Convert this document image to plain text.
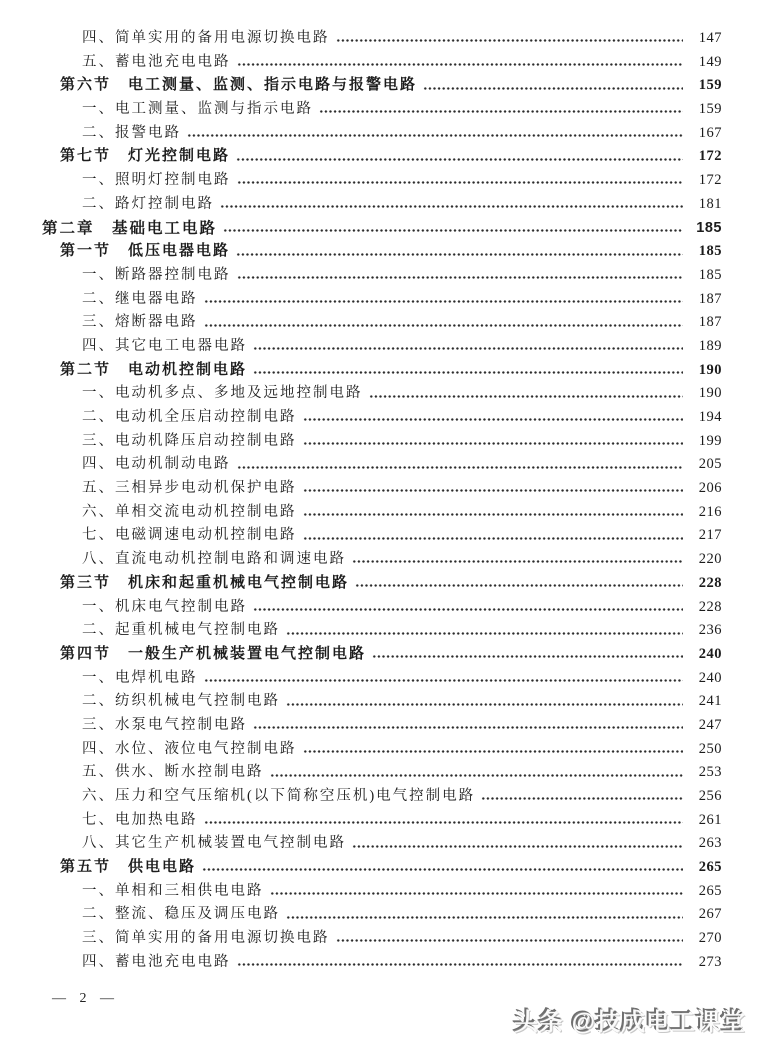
四、简单实用的备用电源切换电路	147
五、蓄电池充电电路	149
第六节　电工测量、监测、指示电路与报警电路	159
一、电工测量、监测与指示电路	159
二、报警电路	167
第七节　灯光控制电路	172
一、照明灯控制电路	172
二、路灯控制电路	181
第二章　基础电工电路	185
第一节　低压电器电路	185
一、断路器控制电路	185
二、继电器电路	187
三、熔断器电路	187
四、其它电工电器电路	189
第二节　电动机控制电路	190
一、电动机多点、多地及远地控制电路	190
二、电动机全压启动控制电路	194
三、电动机降压启动控制电路	199
四、电动机制动电路	205
五、三相异步电动机保护电路	206
六、单相交流电动机控制电路	216
七、电磁调速电动机控制电路	217
八、直流电动机控制电路和调速电路	220
第三节　机床和起重机械电气控制电路	228
一、机床电气控制电路	228
二、起重机械电气控制电路	236
第四节　一般生产机械装置电气控制电路	240
一、电焊机电路	240
二、纺织机械电气控制电路	241
三、水泵电气控制电路	247
四、水位、液位电气控制电路	250
五、供水、断水控制电路	253
六、压力和空气压缩机(以下简称空压机)电气控制电路	256
七、电加热电路	261
八、其它生产机械装置电气控制电路	263
第五节　供电电路	265
一、单相和三相供电电路	265
二、整流、稳压及调压电路	267
三、简单实用的备用电源切换电路	270
四、蓄电池充电电路	273
— 2 —
头条 @技成电工课堂
